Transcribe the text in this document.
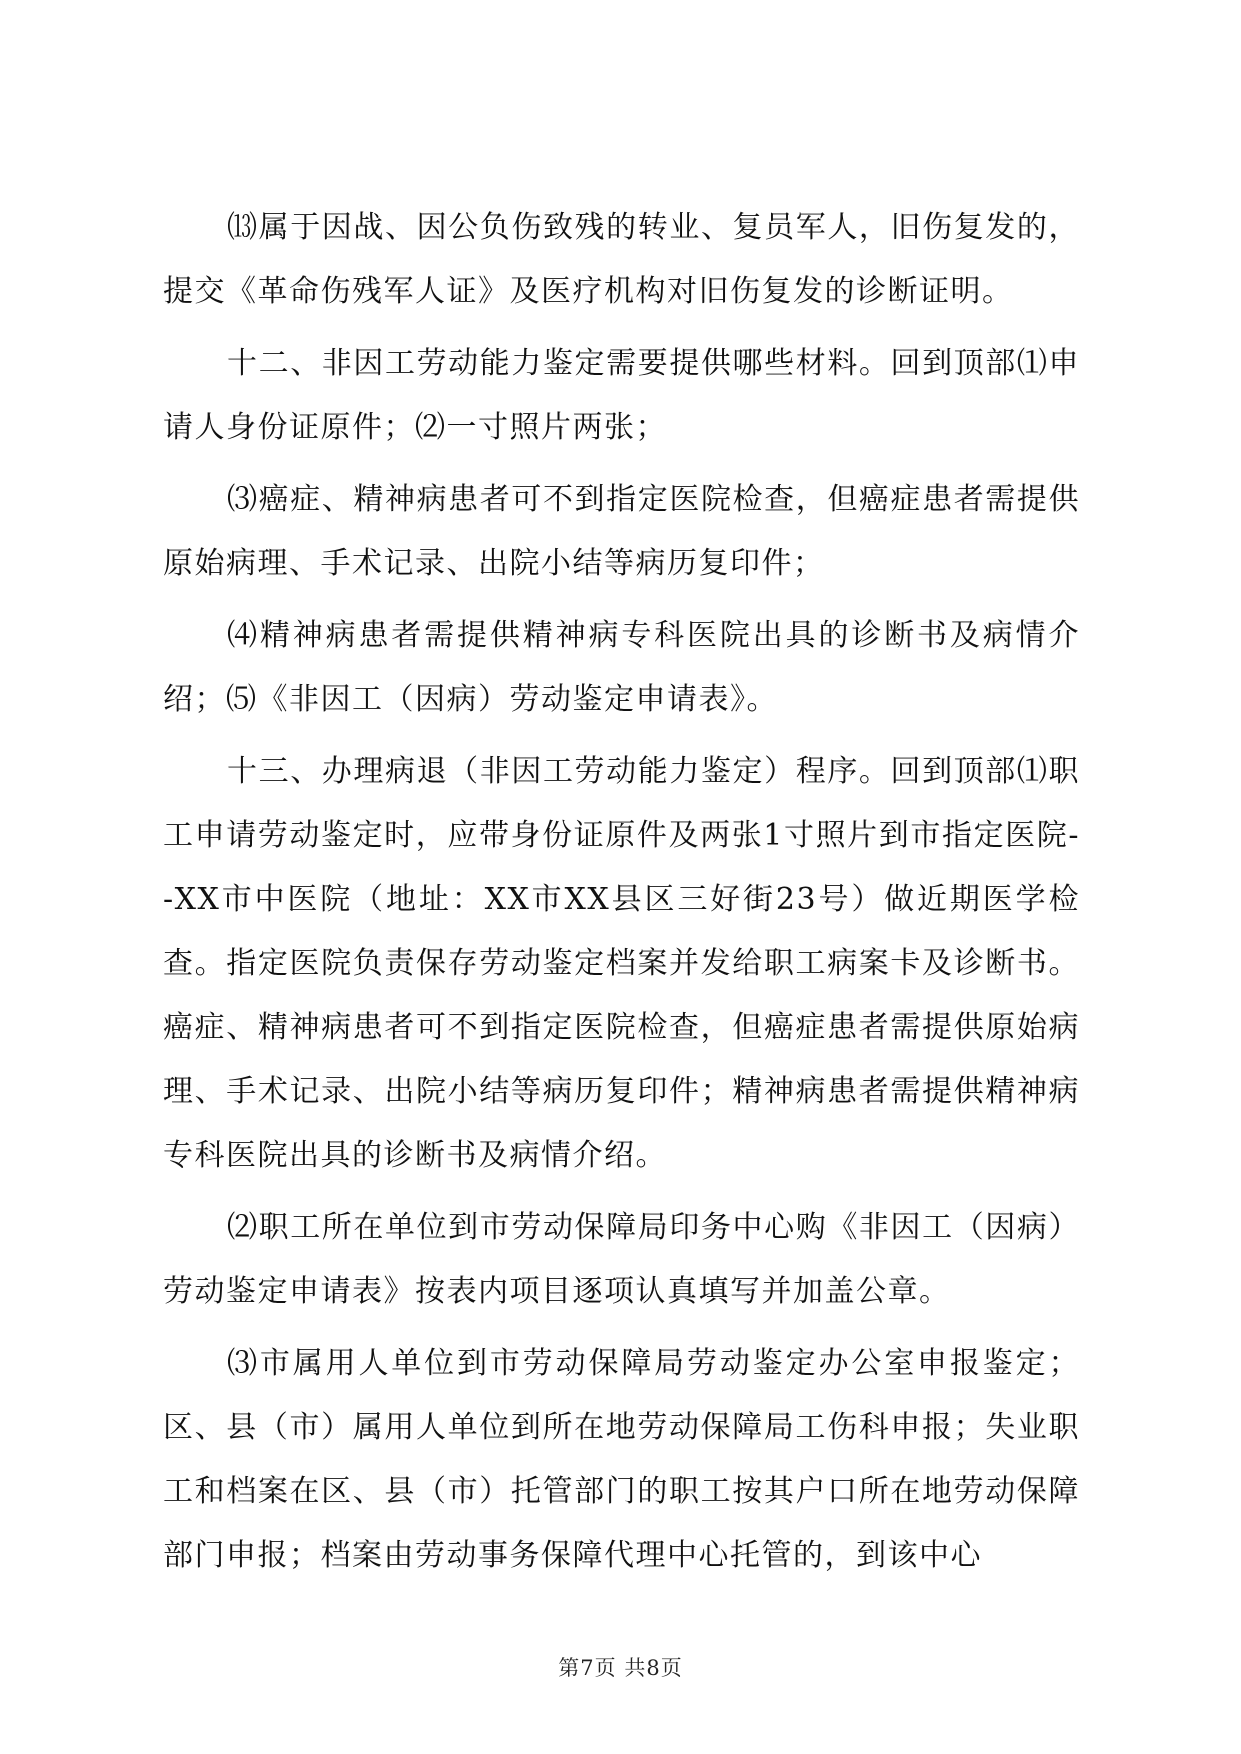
⒀属于因战、因公负伤致残的转业、复员军人，旧伤复发的，提交《革命伤残军人证》及医疗机构对旧伤复发的诊断证明。

十二、非因工劳动能力鉴定需要提供哪些材料。回到顶部⑴申请人身份证原件；⑵一寸照片两张；

⑶癌症、精神病患者可不到指定医院检查，但癌症患者需提供原始病理、手术记录、出院小结等病历复印件；

⑷精神病患者需提供精神病专科医院出具的诊断书及病情介绍；⑸《非因工（因病）劳动鉴定申请表》。

十三、办理病退（非因工劳动能力鉴定）程序。回到顶部⑴职工申请劳动鉴定时，应带身份证原件及两张1寸照片到市指定医院--XX市中医院（地址：XX市XX县区三好街23号）做近期医学检查。指定医院负责保存劳动鉴定档案并发给职工病案卡及诊断书。癌症、精神病患者可不到指定医院检查，但癌症患者需提供原始病理、手术记录、出院小结等病历复印件；精神病患者需提供精神病专科医院出具的诊断书及病情介绍。

⑵职工所在单位到市劳动保障局印务中心购《非因工（因病）劳动鉴定申请表》按表内项目逐项认真填写并加盖公章。

⑶市属用人单位到市劳动保障局劳动鉴定办公室申报鉴定；区、县（市）属用人单位到所在地劳动保障局工伤科申报；失业职工和档案在区、县（市）托管部门的职工按其户口所在地劳动保障部门申报；档案由劳动事务保障代理中心托管的，到该中心

第7页 共8页
